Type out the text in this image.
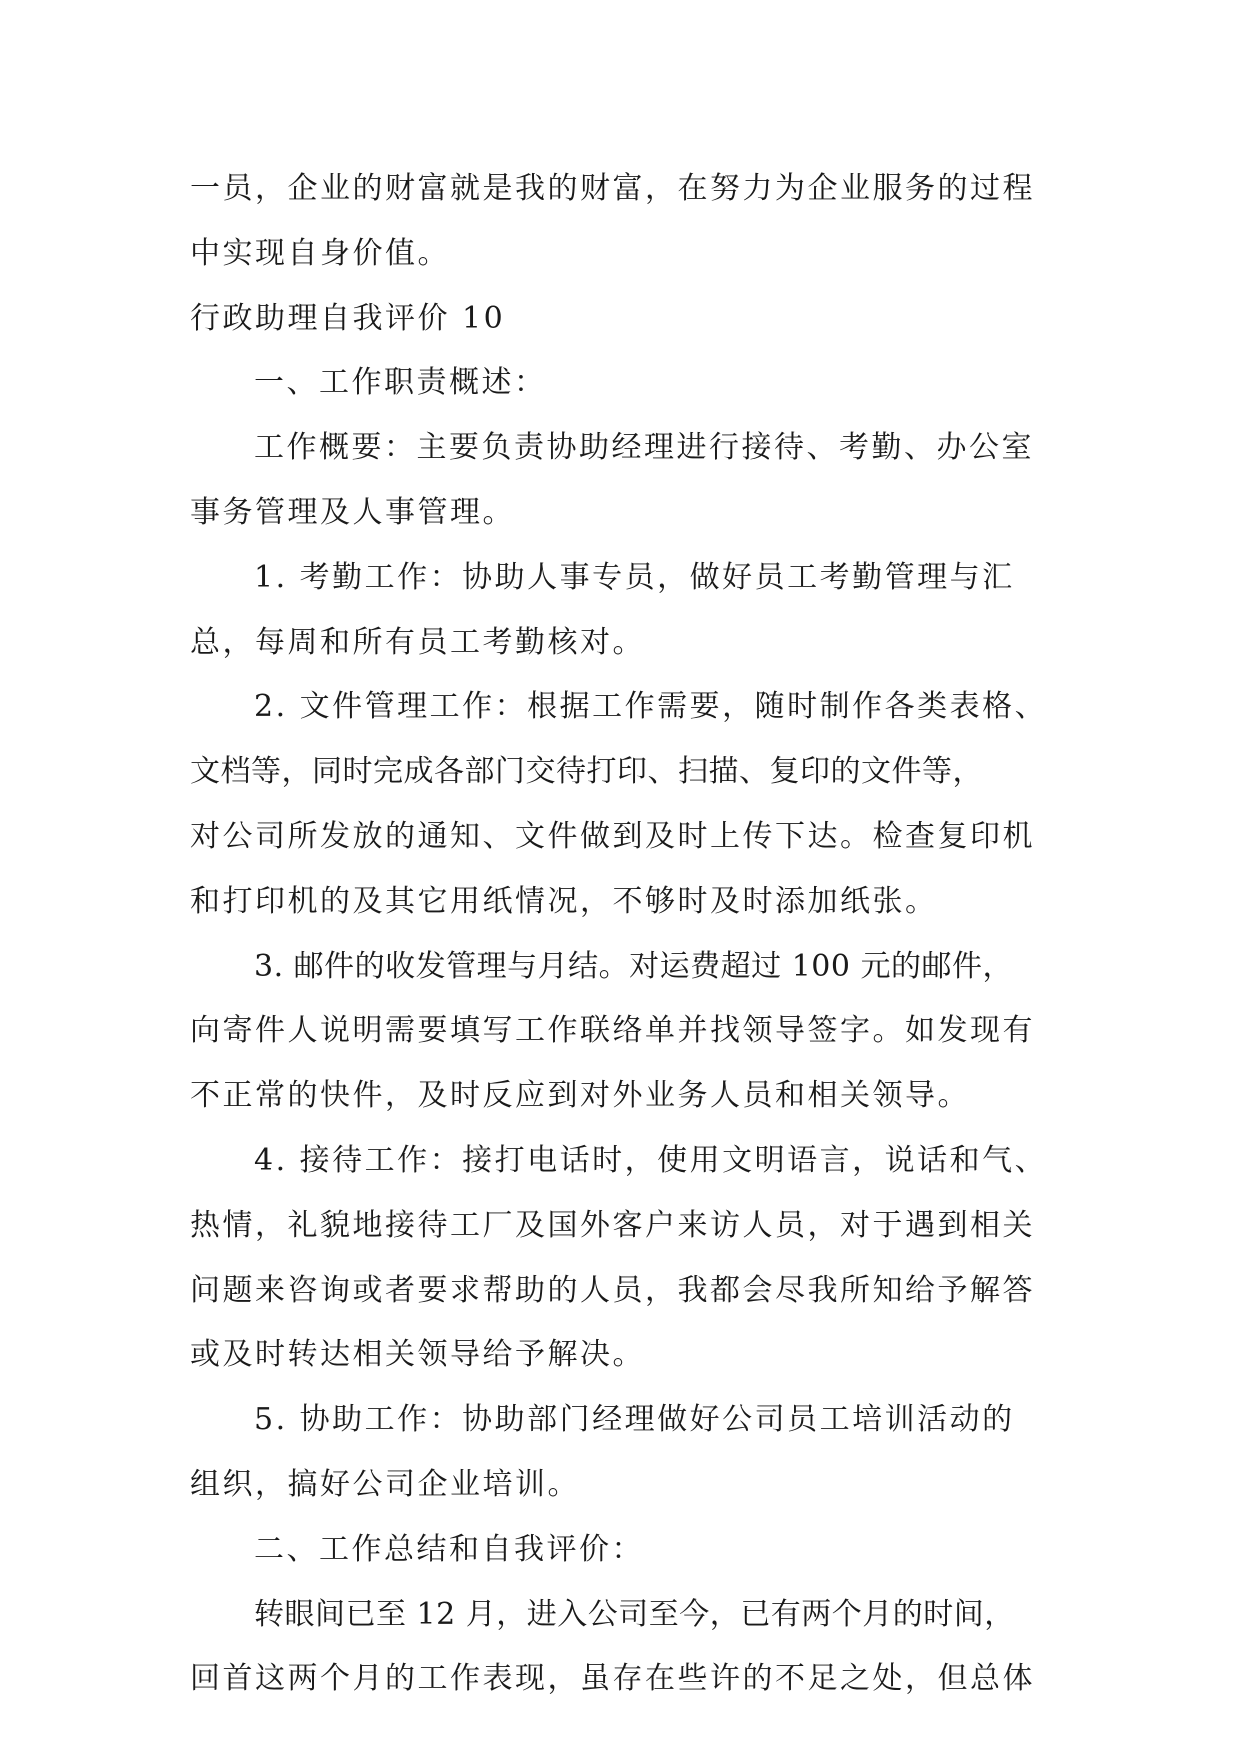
一员，企业的财富就是我的财富，在努力为企业服务的过程

中实现自身价值。

行政助理自我评价 10

一、工作职责概述：

工作概要：主要负责协助经理进行接待、考勤、办公室

事务管理及人事管理。

1. 考勤工作：协助人事专员，做好员工考勤管理与汇

总，每周和所有员工考勤核对。

2. 文件管理工作：根据工作需要，随时制作各类表格、

文档等，同时完成各部门交待打印、扫描、复印的文件等，

对公司所发放的通知、文件做到及时上传下达。检查复印机

和打印机的及其它用纸情况，不够时及时添加纸张。

3. 邮件的收发管理与月结。对运费超过 100 元的邮件，

向寄件人说明需要填写工作联络单并找领导签字。如发现有

不正常的快件，及时反应到对外业务人员和相关领导。

4. 接待工作：接打电话时，使用文明语言，说话和气、

热情，礼貌地接待工厂及国外客户来访人员，对于遇到相关

问题来咨询或者要求帮助的人员，我都会尽我所知给予解答

或及时转达相关领导给予解决。

5. 协助工作：协助部门经理做好公司员工培训活动的

组织，搞好公司企业培训。

二、工作总结和自我评价：

转眼间已至 12 月，进入公司至今，已有两个月的时间，

回首这两个月的工作表现，虽存在些许的不足之处，但总体
